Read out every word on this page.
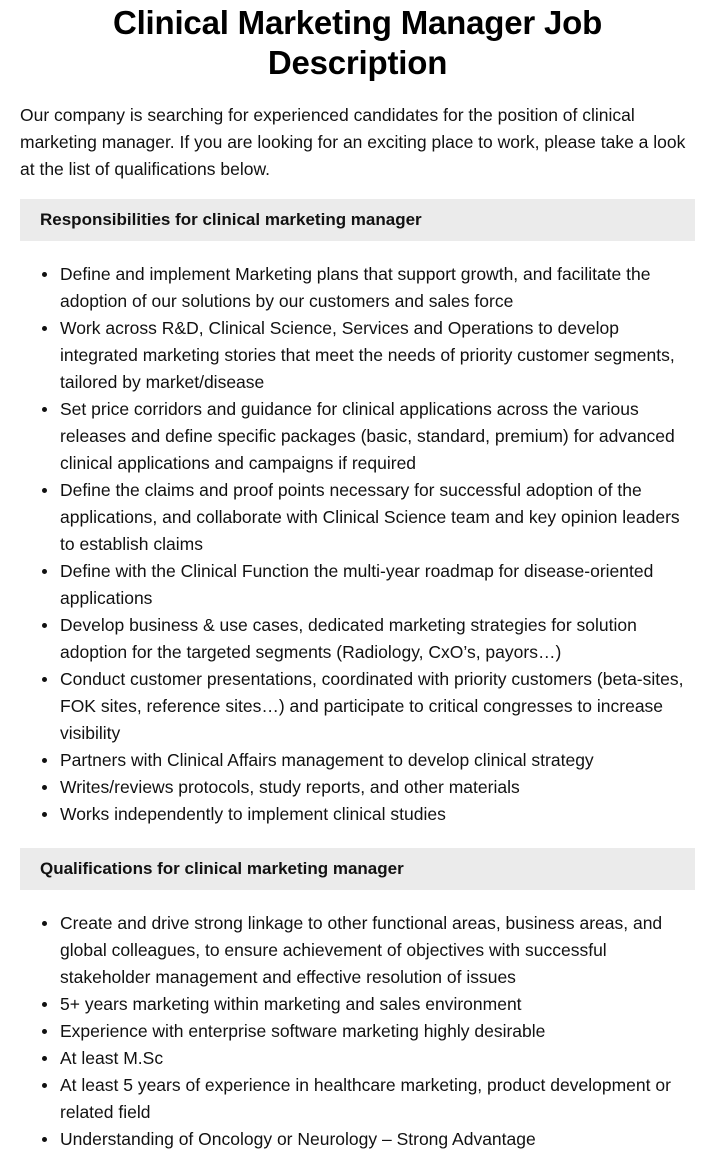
Clinical Marketing Manager Job Description

Our company is searching for experienced candidates for the position of clinical marketing manager. If you are looking for an exciting place to work, please take a look at the list of qualifications below.

Responsibilities for clinical marketing manager
Define and implement Marketing plans that support growth, and facilitate the adoption of our solutions by our customers and sales force
Work across R&D, Clinical Science, Services and Operations to develop integrated marketing stories that meet the needs of priority customer segments, tailored by market/disease
Set price corridors and guidance for clinical applications across the various releases and define specific packages (basic, standard, premium) for advanced clinical applications and campaigns if required
Define the claims and proof points necessary for successful adoption of the applications, and collaborate with Clinical Science team and key opinion leaders to establish claims
Define with the Clinical Function the multi-year roadmap for disease-oriented applications
Develop business & use cases, dedicated marketing strategies for solution adoption for the targeted segments (Radiology, CxO’s, payors…)
Conduct customer presentations, coordinated with priority customers (beta-sites, FOK sites, reference sites…) and participate to critical congresses to increase visibility
Partners with Clinical Affairs management to develop clinical strategy
Writes/reviews protocols, study reports, and other materials
Works independently to implement clinical studies
Qualifications for clinical marketing manager
Create and drive strong linkage to other functional areas, business areas, and global colleagues, to ensure achievement of objectives with successful stakeholder management and effective resolution of issues
5+ years marketing within marketing and sales environment
Experience with enterprise software marketing highly desirable
At least M.Sc
At least 5 years of experience in healthcare marketing, product development or related field
Understanding of Oncology or Neurology – Strong Advantage
